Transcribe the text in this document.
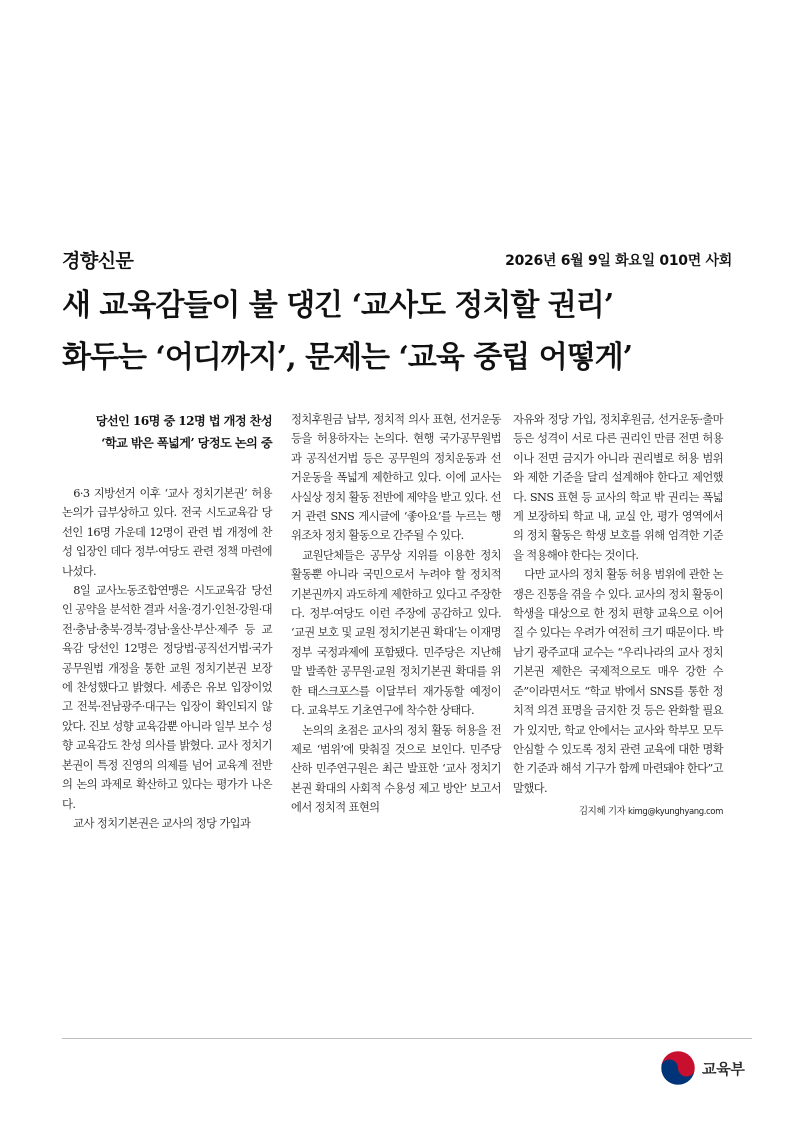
경향신문	2026년 6월 9일 화요일 010면 사회
새 교육감들이 불 댕긴 ‘교사도 정치할 권리’
화두는 ‘어디까지’, 문제는 ‘교육 중립 어떻게’
당선인 16명 중 12명 법 개정 찬성
‘학교 밖은 폭넓게’ 당정도 논의 중

6·3 지방선거 이후 ‘교사 정치기본권’ 허용 논의가 급부상하고 있다. 전국 시도교육감 당선인 16명 가운데 12명이 관련 법 개정에 찬성 입장인 데다 정부·여당도 관련 정책 마련에 나섰다.

8일 교사노동조합연맹은 시도교육감 당선인 공약을 분석한 결과 서울·경기·인천·강원·대전·충남·충북·경북·경남·울산·부산·제주 등 교육감 당선인 12명은 정당법·공직선거법·국가공무원법 개정을 통한 교원 정치기본권 보장에 찬성했다고 밝혔다. 세종은 유보 입장이었고 전북·전남광주·대구는 입장이 확인되지 않았다. 진보 성향 교육감뿐 아니라 일부 보수 성향 교육감도 찬성 의사를 밝혔다. 교사 정치기본권이 특정 진영의 의제를 넘어 교육계 전반의 논의 과제로 확산하고 있다는 평가가 나온다.

교사 정치기본권은 교사의 정당 가입과

정치후원금 납부, 정치적 의사 표현, 선거운동 등을 허용하자는 논의다. 현행 국가공무원법과 공직선거법 등은 공무원의 정치운동과 선거운동을 폭넓게 제한하고 있다. 이에 교사는 사실상 정치 활동 전반에 제약을 받고 있다. 선거 관련 SNS 게시글에 ‘좋아요’를 누르는 행위조차 정치 활동으로 간주될 수 있다.

교원단체들은 공무상 지위를 이용한 정치 활동뿐 아니라 국민으로서 누려야 할 정치적 기본권까지 과도하게 제한하고 있다고 주장한다. 정부·여당도 이런 주장에 공감하고 있다. ‘교권 보호 및 교원 정치기본권 확대’는 이재명 정부 국정과제에 포함됐다. 민주당은 지난해 말 발족한 공무원·교원 정치기본권 확대를 위한 태스크포스를 이달부터 재가동할 예정이다. 교육부도 기초연구에 착수한 상태다.

논의의 초점은 교사의 정치 활동 허용을 전제로 ‘범위’에 맞춰질 것으로 보인다. 민주당 산하 민주연구원은 최근 발표한 ‘교사 정치기본권 확대의 사회적 수용성 제고 방안’ 보고서에서 정치적 표현의

자유와 정당 가입, 정치후원금, 선거운동·출마 등은 성격이 서로 다른 권리인 만큼 전면 허용이나 전면 금지가 아니라 권리별로 허용 범위와 제한 기준을 달리 설계해야 한다고 제언했다. SNS 표현 등 교사의 학교 밖 권리는 폭넓게 보장하되 학교 내, 교실 안, 평가 영역에서의 정치 활동은 학생 보호를 위해 엄격한 기준을 적용해야 한다는 것이다.

다만 교사의 정치 활동 허용 범위에 관한 논쟁은 진통을 겪을 수 있다. 교사의 정치 활동이 학생을 대상으로 한 정치 편향 교육으로 이어질 수 있다는 우려가 여전히 크기 때문이다. 박남기 광주교대 교수는 “우리나라의 교사 정치기본권 제한은 국제적으로도 매우 강한 수준”이라면서도 “학교 밖에서 SNS를 통한 정치적 의견 표명을 금지한 것 등은 완화할 필요가 있지만, 학교 안에서는 교사와 학부모 모두 안심할 수 있도록 정치 관련 교육에 대한 명확한 기준과 해석 기구가 함께 마련돼야 한다”고 말했다.

김지혜 기자 kimg@kyunghyang.com
교육부
